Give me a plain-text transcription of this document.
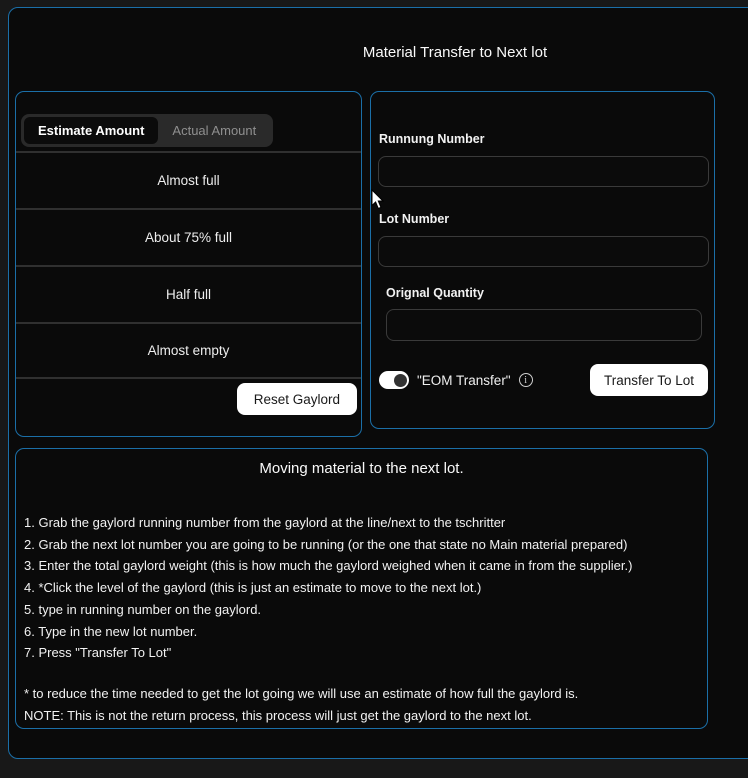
Material Transfer to Next lot
Estimate Amount	Actual Amount
Almost full
About 75% full
Half full
Almost empty
Reset Gaylord
Runnung Number
Lot Number
Orignal Quantity
"EOM Transfer"	i	Transfer To Lot
Moving material to the next lot.
1. Grab the gaylord running number from the gaylord at the line/next to the tschritter
2. Grab the next lot number you are going to be running (or the one that state no Main material prepared)
3. Enter the total gaylord weight (this is how much the gaylord weighed when it came in from the supplier.)
4. *Click the level of the gaylord (this is just an estimate to move to the next lot.)
5. type in running number on the gaylord.
6. Type in the new lot number.
7. Press "Transfer To Lot"
* to reduce the time needed to get the lot going we will use an estimate of how full the gaylord is.
NOTE: This is not the return process, this process will just get the gaylord to the next lot.
